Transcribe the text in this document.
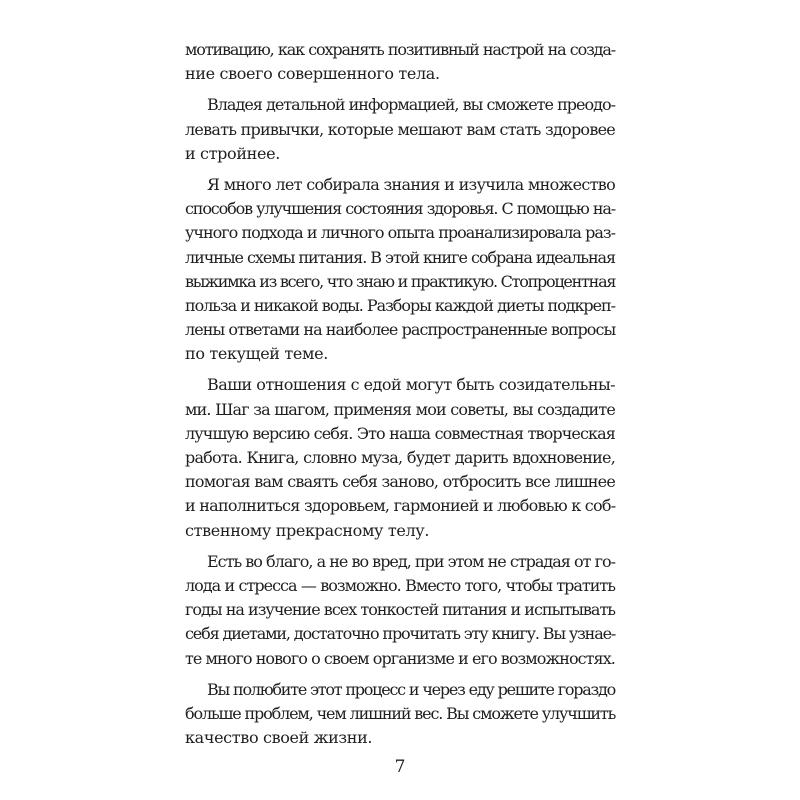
мотивацию, как сохранять позитивный настрой на созда-
ние своего совершенного тела.
Владея детальной информацией, вы сможете преодо-
левать привычки, которые мешают вам стать здоровее
и стройнее.
Я много лет собирала знания и изучила множество
способов улучшения состояния здоровья. С помощью на-
учного подхода и личного опыта проанализировала раз-
личные схемы питания. В этой книге собрана идеальная
выжимка из всего, что знаю и практикую. Стопроцентная
польза и никакой воды. Разборы каждой диеты подкреп-
лены ответами на наиболее распространенные вопросы
по текущей теме.
Ваши отношения с едой могут быть созидательны-
ми. Шаг за шагом, применяя мои советы, вы создадите
лучшую версию себя. Это наша совместная творческая
работа. Книга, словно муза, будет дарить вдохновение,
помогая вам сваять себя заново, отбросить все лишнее
и наполниться здоровьем, гармонией и любовью к соб-
ственному прекрасному телу.
Есть во благо, а не во вред, при этом не страдая от го-
лода и стресса — возможно. Вместо того, чтобы тратить
годы на изучение всех тонкостей питания и испытывать
себя диетами, достаточно прочитать эту книгу. Вы узнае-
те много нового о своем организме и его возможностях.
Вы полюбите этот процесс и через еду решите гораздо
больше проблем, чем лишний вес. Вы сможете улучшить
качество своей жизни.
7
